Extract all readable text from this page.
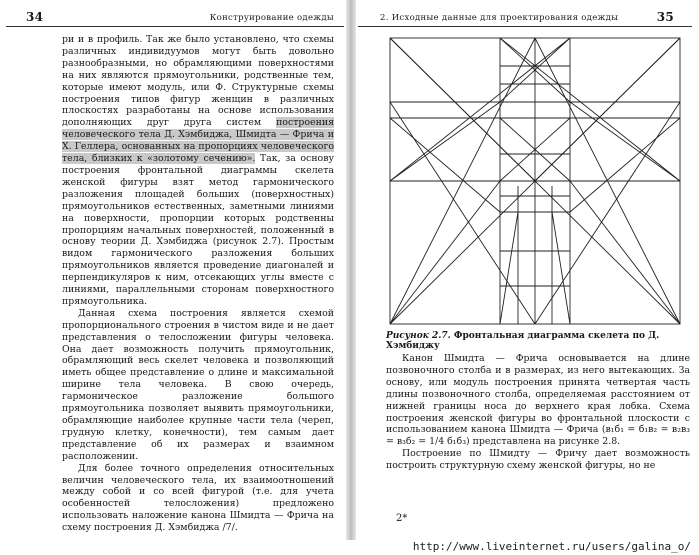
34	Конструирование одежды

ри и в профиль. Так же было установлено, что схемы различных индивидуумов могут быть довольно разнообразными, но обрамляющими поверхностями на них являются прямоугольники, родственные тем, которые имеют модуль, или Ф. Структурные схемы построения типов фигур женщин в различных плоскостях разработаны на основе использования дополняющих друг друга систем построения человеческого тела Д. Хэмбиджа, Шмидта — Фрича и Х. Геллера, основанных на пропорциях человеческого тела, близких к «золотому сечению». Так, за основу построения фронтальной диаграммы скелета женской фигуры взят метод гармонического разложения площадей больших (поверхностных) прямоугольников естественных, заметными линиями на поверхности, пропорции которых родственны пропорциям начальных поверхностей, положенный в основу теории Д. Хэмбиджа (рисунок 2.7). Простым видом гармонического разложения больших прямоугольников является проведение диагоналей и перпендикуляров к ним, отсекающих углы вместе с линиями, параллельными сторонам поверхностного прямоугольника.

Данная схема построения является схемой пропорционального строения в чистом виде и не дает представления о телосложении фигуры человека. Она дает возможность получить прямоугольник, обрамляющий весь скелет человека и позволяющий иметь общее представление о длине и максимальной ширине тела человека. В свою очередь, гармоническое разложение большого прямоугольника позволяет выявить прямоугольники, обрамляющие наиболее крупные части тела (череп, грудную клетку, конечности), тем самым дает представление об их размерах и взаимном расположении.

Для более точного определения относительных величин человеческого тела, их взаимоотношений между собой и со всей фигурой (т.е. для учета особенностей телосложения) предложено использовать наложение канона Шмидта — Фрича на схему построения Д. Хэмбиджа /7/.

2. Исходные данные для проектирования одежды	35
Рисунок 2.7. Фронтальная диаграмма скелета по Д. Хэмбиджу

Канон Шмидта — Фрича основывается на длине позвоночного столба и в размерах, из него вытекающих. За основу, или модуль построения принята четвертая часть длины позвоночного столба, определяемая расстоянием от нижней границы носа до верхнего края лобка. Схема построения женской фигуры во фронтальной плоскости с использованием канона Шмидта — Фрича (в₁б₁ = б₁в₂ = в₂в₃ = в₃б₂ = 1/4 б₁б₃) представлена на рисунке 2.8.

Построение по Шмидту — Фричу дает возможность построить структурную схему женской фигуры, но не

2*
http://www.liveinternet.ru/users/galina_o/
